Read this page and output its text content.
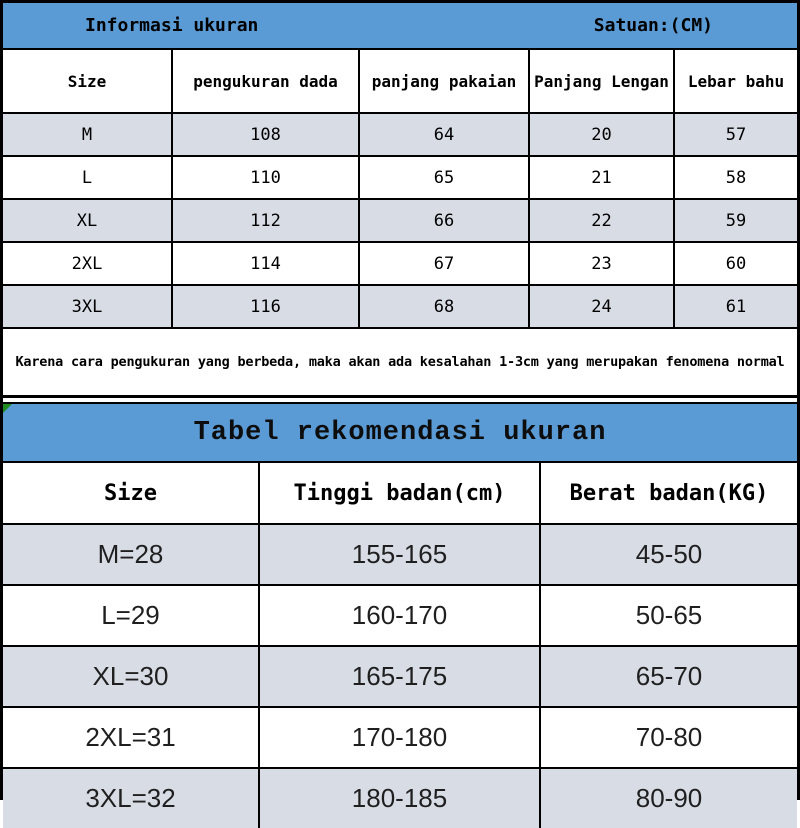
Informasi ukuran	Satuan:(CM)
Size	pengukuran dada	panjang pakaian	Panjang Lengan	Lebar bahu
M	108	64	20	57
L	110	65	21	58
XL	112	66	22	59
2XL	114	67	23	60
3XL	116	68	24	61
Karena cara pengukuran yang berbeda, maka akan ada kesalahan 1-3cm yang merupakan fenomena normal
Tabel rekomendasi ukuran
Size	Tinggi badan(cm)	Berat badan(KG)
M=28	155-165	45-50
L=29	160-170	50-65
XL=30	165-175	65-70
2XL=31	170-180	70-80
3XL=32	180-185	80-90
